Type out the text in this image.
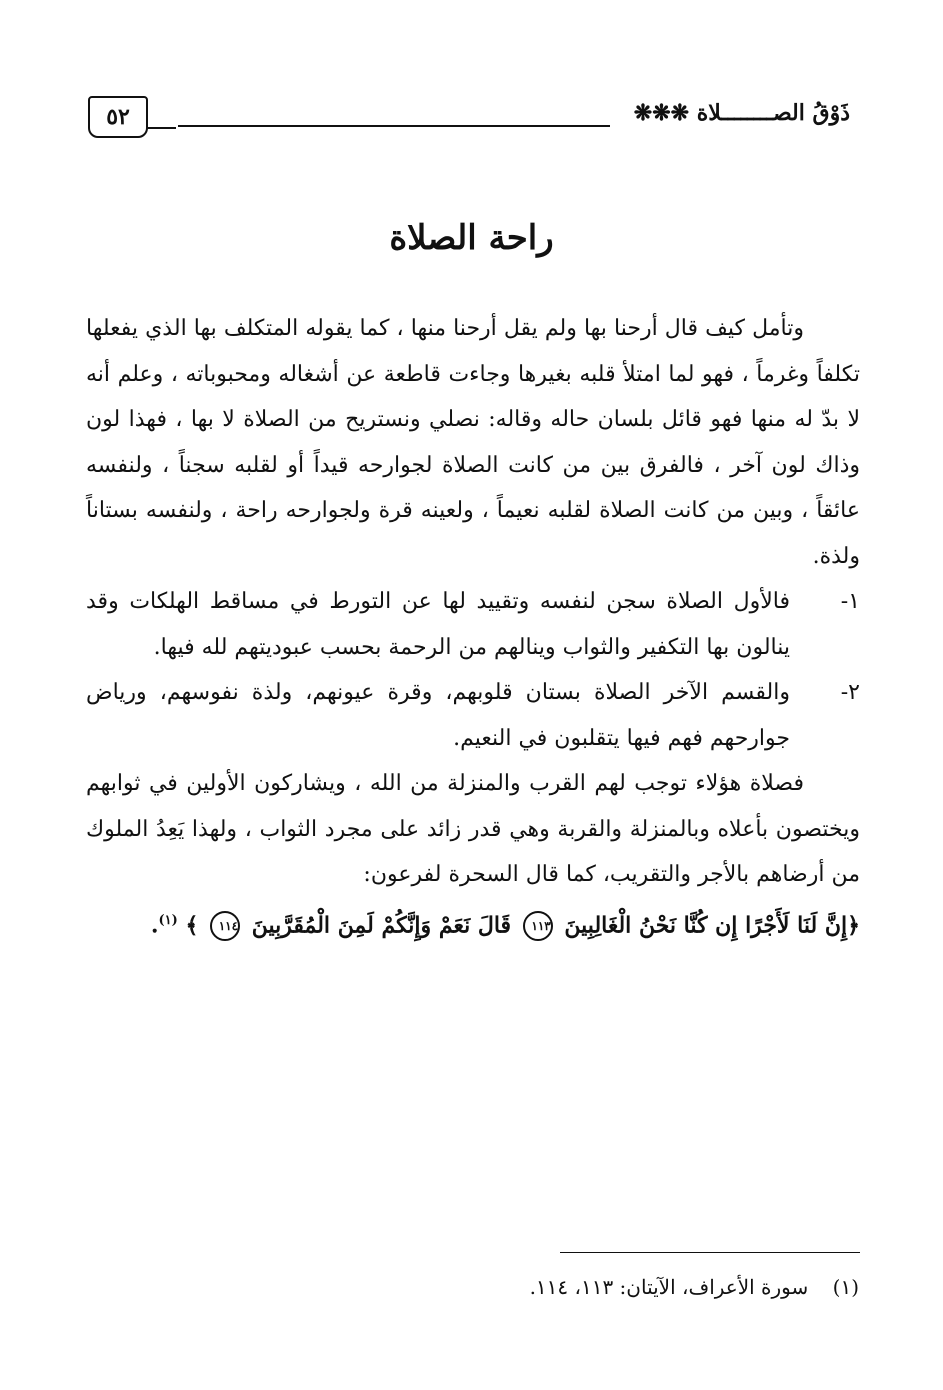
ذَوْقُ الصــــــــلاة ❋❋❋
٥٢
راحة الصلاة

وتأمل كيف قال أرحنا بها ولم يقل أرحنا منها ، كما يقوله المتكلف بها الذي يفعلها تكلفاً وغرماً ، فهو لما امتلأ قلبه بغيرها وجاءت قاطعة عن أشغاله ومحبوباته ، وعلم أنه لا بدّ له منها فهو قائل بلسان حاله وقاله: نصلي ونستريح من الصلاة لا بها ، فهذا لون وذاك لون آخر ، فالفرق بين من كانت الصلاة لجوارحه قيداً أو لقلبه سجناً ، ولنفسه عائقاً ، وبين من كانت الصلاة لقلبه نعيماً ، ولعينه قرة ولجوارحه راحة ، ولنفسه بستاناً ولذة.

١-
فالأول الصلاة سجن لنفسه وتقييد لها عن التورط في مساقط الهلكات وقد ينالون بها التكفير والثواب وينالهم من الرحمة بحسب عبوديتهم لله فيها.
٢-
والقسم الآخر الصلاة بستان قلوبهم، وقرة عيونهم، ولذة نفوسهم، ورياض جوارحهم فهم فيها يتقلبون في النعيم.

فصلاة هؤلاء توجب لهم القرب والمنزلة من الله ، ويشاركون الأولين في ثوابهم ويختصون بأعلاه وبالمنزلة والقربة وهي قدر زائد على مجرد الثواب ، ولهذا يَعِدُ الملوك من أرضاهم بالأجر والتقريب، كما قال السحرة لفرعون:

﴿إِنَّ لَنَا لَأَجْرًا إِن كُنَّا نَحْنُ الْغَالِبِينَ ١١٣ قَالَ نَعَمْ وَإِنَّكُمْ لَمِنَ الْمُقَرَّبِينَ ١١٤ ﴾ $^{(١)}$.

(١) سورة الأعراف، الآيتان: ١١٣، ١١٤.
